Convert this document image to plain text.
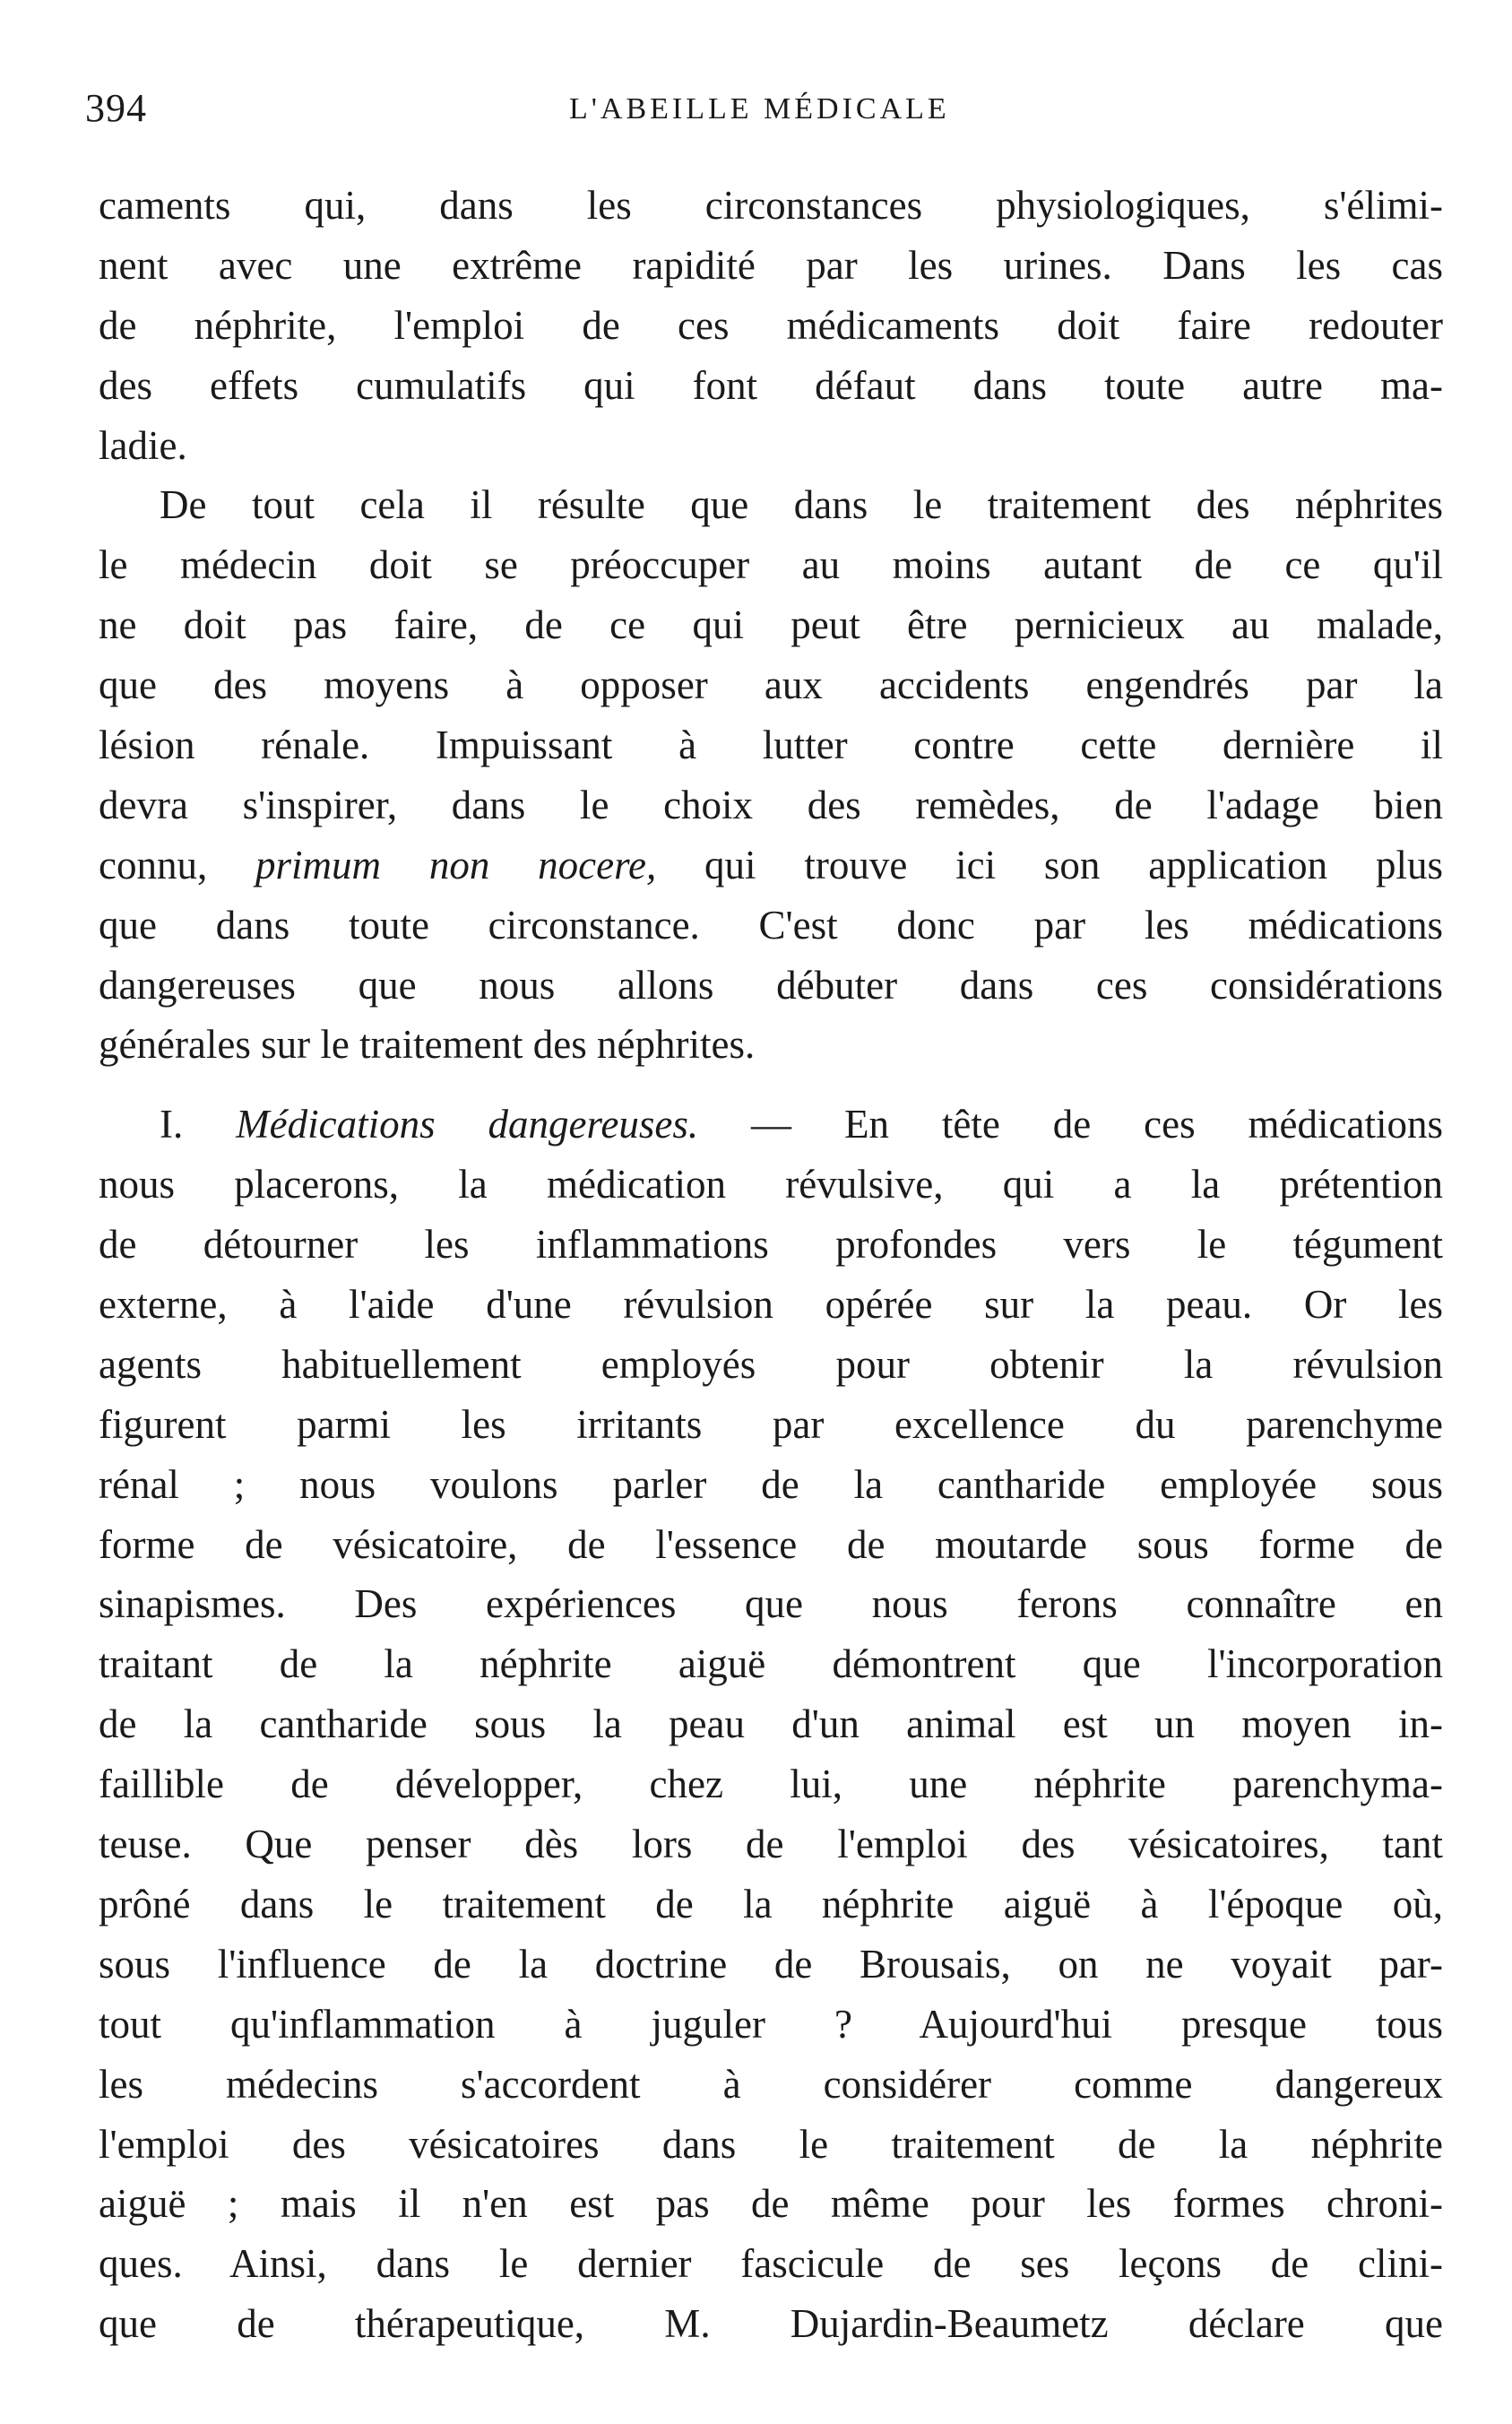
394	L'ABEILLE MÉDICALE
caments qui, dans les circonstances physiologiques, s'élimi-
nent avec une extrême rapidité par les urines. Dans les cas
de néphrite, l'emploi de ces médicaments doit faire redouter
des effets cumulatifs qui font défaut dans toute autre ma-
ladie.
De tout cela il résulte que dans le traitement des néphrites
le médecin doit se préoccuper au moins autant de ce qu'il
ne doit pas faire, de ce qui peut être pernicieux au malade,
que des moyens à opposer aux accidents engendrés par la
lésion rénale. Impuissant à lutter contre cette dernière il
devra s'inspirer, dans le choix des remèdes, de l'adage bien
connu, primum non nocere, qui trouve ici son application plus
que dans toute circonstance. C'est donc par les médications
dangereuses que nous allons débuter dans ces considérations
générales sur le traitement des néphrites.
I. Médications dangereuses. — En tête de ces médications
nous placerons, la médication révulsive, qui a la prétention
de détourner les inflammations profondes vers le tégument
externe, à l'aide d'une révulsion opérée sur la peau. Or les
agents habituellement employés pour obtenir la révulsion
figurent parmi les irritants par excellence du parenchyme
rénal ; nous voulons parler de la cantharide employée sous
forme de vésicatoire, de l'essence de moutarde sous forme de
sinapismes. Des expériences que nous ferons connaître en
traitant de la néphrite aiguë démontrent que l'incorporation
de la cantharide sous la peau d'un animal est un moyen in-
faillible de développer, chez lui, une néphrite parenchyma-
teuse. Que penser dès lors de l'emploi des vésicatoires, tant
prôné dans le traitement de la néphrite aiguë à l'époque où,
sous l'influence de la doctrine de Brousais, on ne voyait par-
tout qu'inflammation à juguler ? Aujourd'hui presque tous
les médecins s'accordent à considérer comme dangereux
l'emploi des vésicatoires dans le traitement de la néphrite
aiguë ; mais il n'en est pas de même pour les formes chroni-
ques. Ainsi, dans le dernier fascicule de ses leçons de clini-
que de thérapeutique, M. Dujardin-Beaumetz déclare que
